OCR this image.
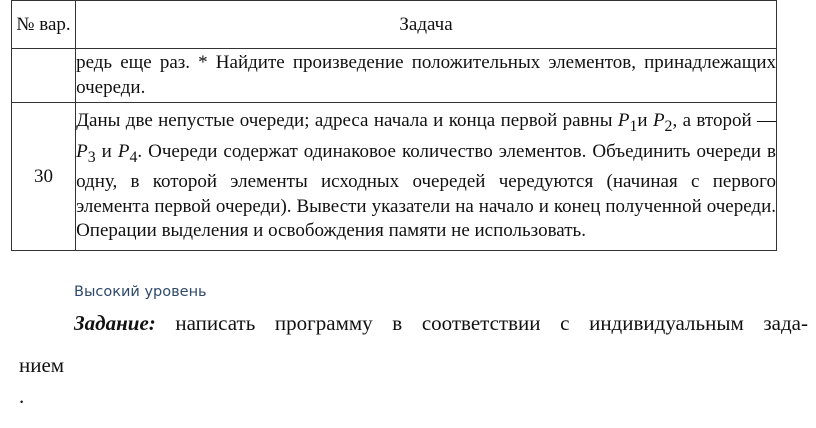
№ вар.	Задача
	редь еще раз. * Найдите произведение положительных элементов, принадлежащих очереди.
30	Даны две непустые очереди; адреса начала и конца первой равны $P_1и$ $P_2$, а второй — $P_3$ и $P_4$. Очереди содержат одинаковое количество элементов. Объединить очереди в одну, в которой элементы исходных очередей чередуются (начиная с первого элемента первой очереди). Вывести указатели на начало и конец полученной очереди. Операции выделения и освобождения памяти не использовать.
Высокий уровень
Задание: написать программу в соответствии с индивидуальным зада-
нием
.
